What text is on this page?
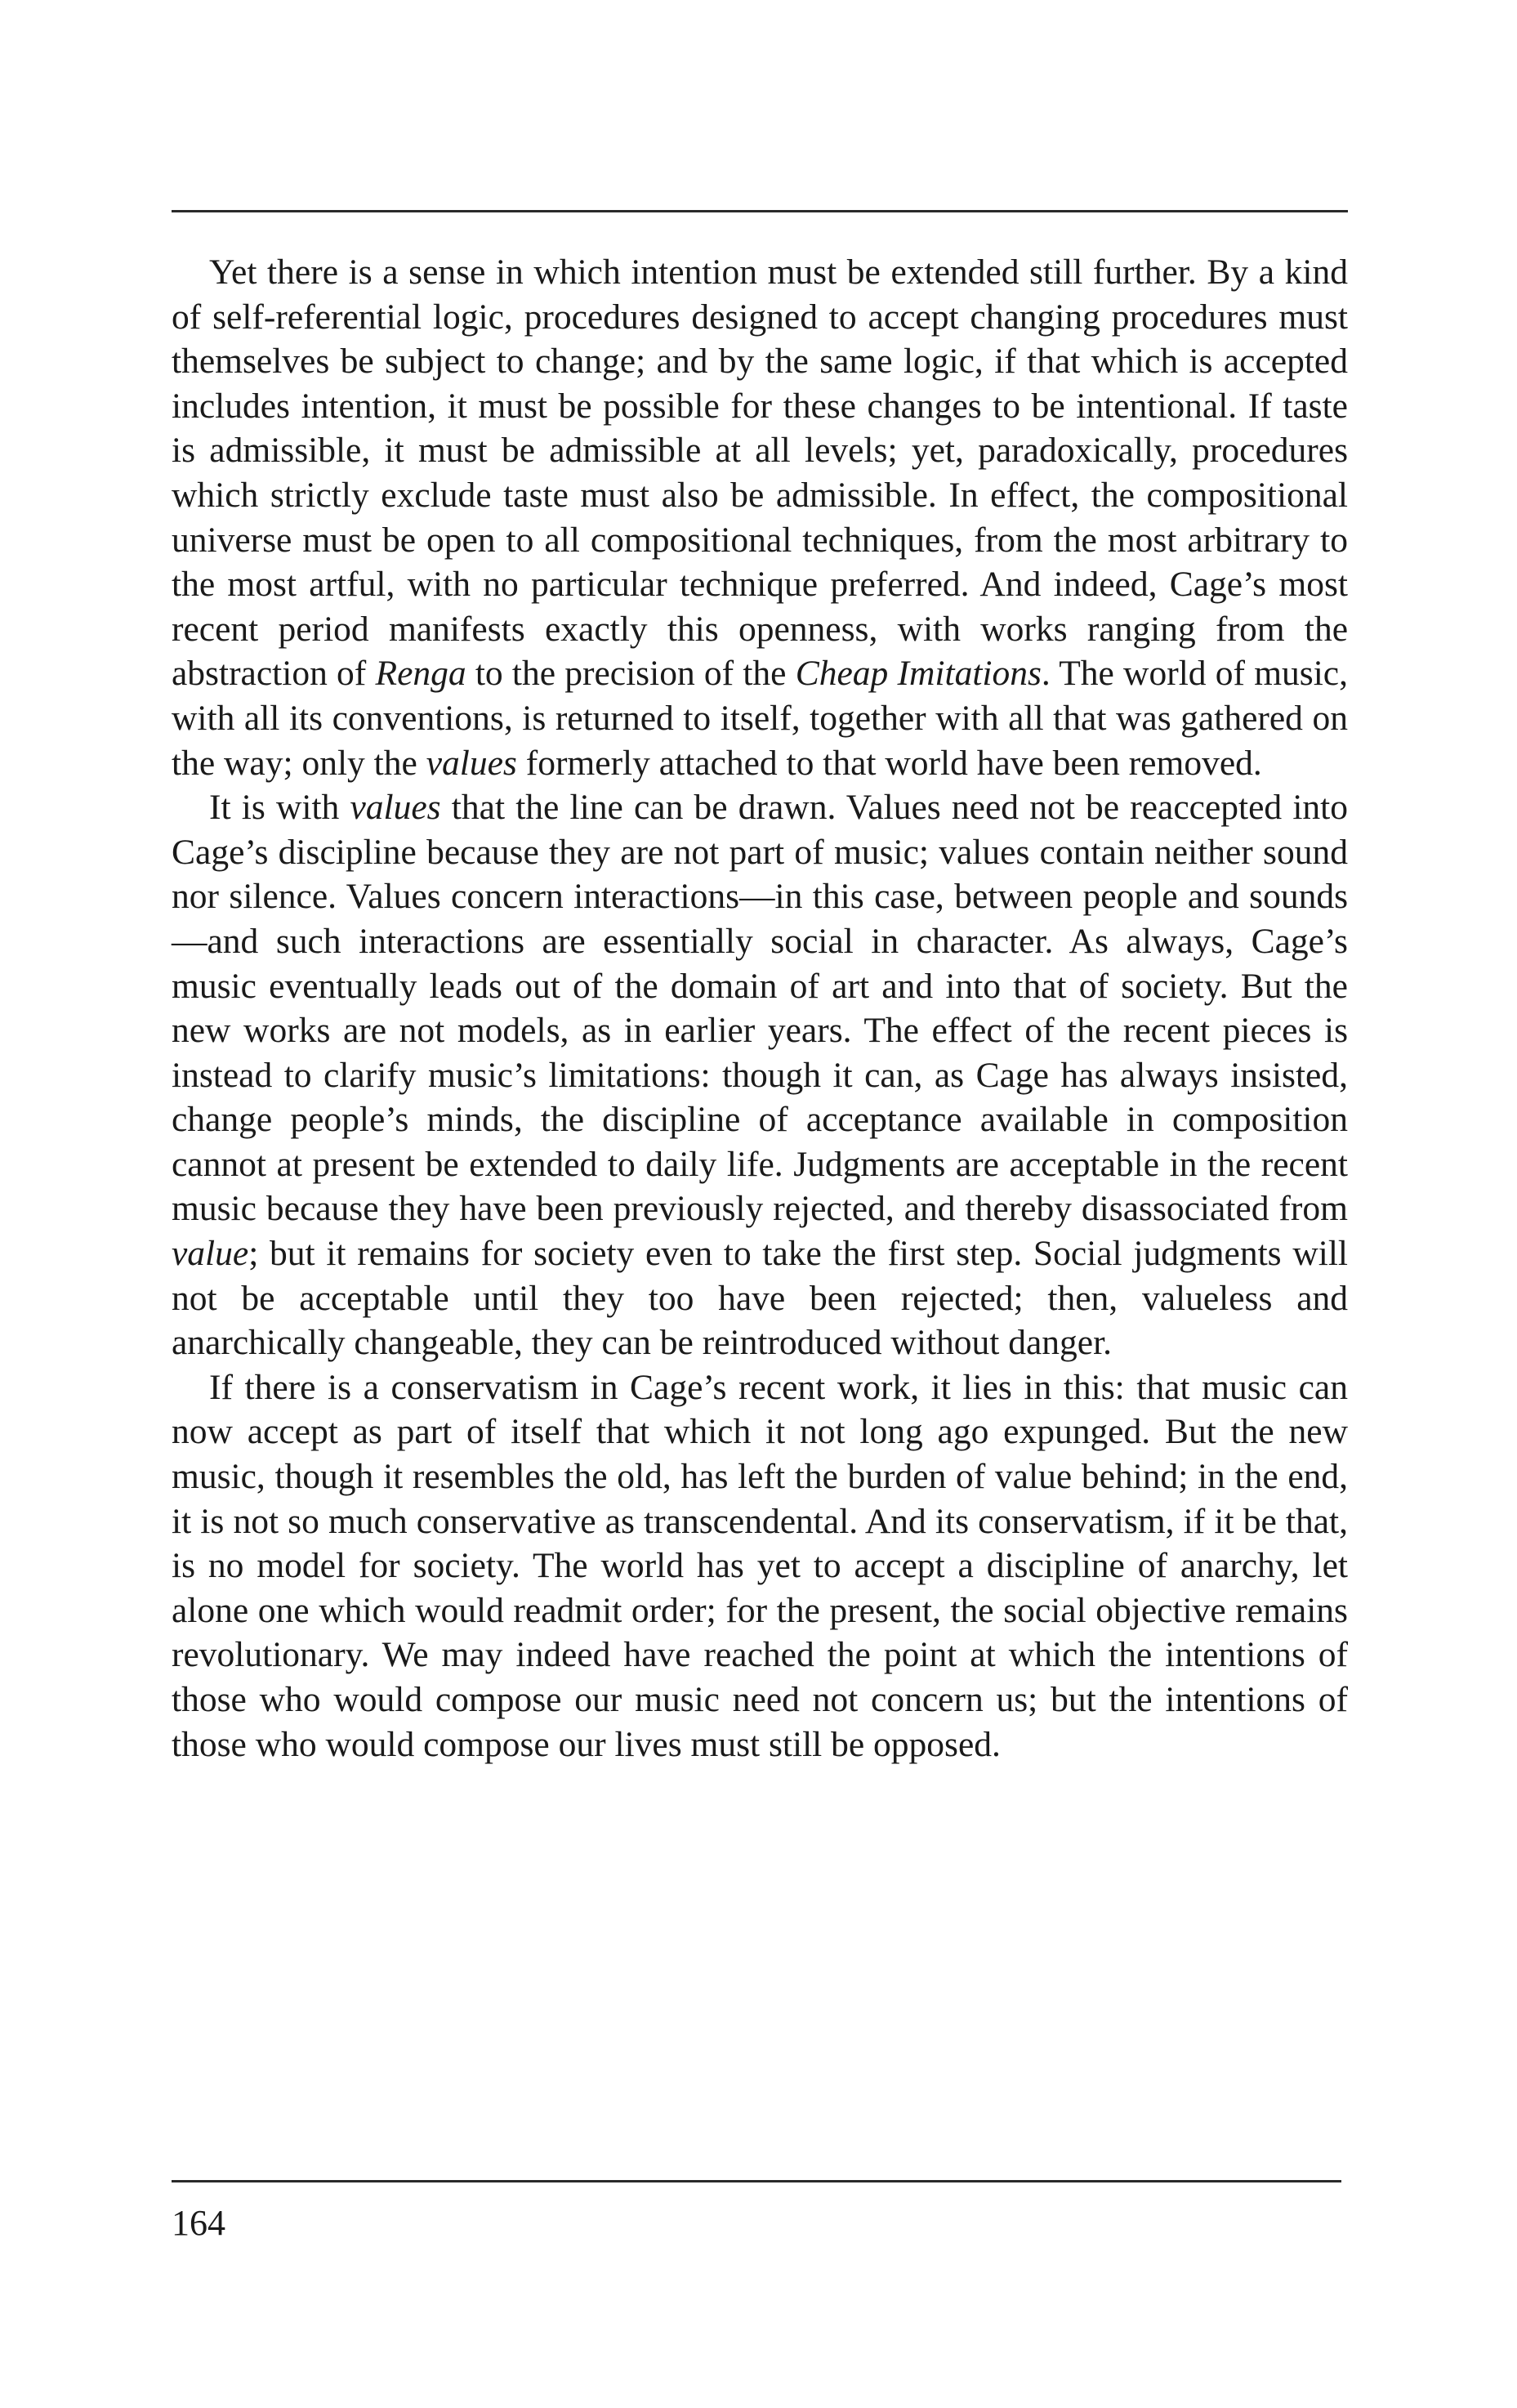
Yet there is a sense in which intention must be extended still further. By a kind of self-referential logic, procedures designed to accept changing procedures must themselves be subject to change; and by the same logic, if that which is accepted includes intention, it must be possible for these changes to be intentional. If taste is admissible, it must be admissible at all levels; yet, paradoxically, procedures which strictly exclude taste must also be admissible. In effect, the compositional universe must be open to all compositional techniques, from the most arbitrary to the most artful, with no particular technique preferred. And indeed, Cage’s most recent period manifests exactly this openness, with works ranging from the abstraction of Renga to the precision of the Cheap Imitations. The world of music, with all its conventions, is returned to itself, together with all that was gathered on the way; only the values formerly attached to that world have been removed.

It is with values that the line can be drawn. Values need not be reaccepted into Cage’s discipline because they are not part of music; values contain neither sound nor silence. Values concern interactions—in this case, between people and sounds—and such interactions are essentially social in character. As always, Cage’s music eventually leads out of the domain of art and into that of society. But the new works are not models, as in earlier years. The effect of the recent pieces is instead to clarify music’s limitations: though it can, as Cage has always insisted, change people’s minds, the discipline of acceptance available in composition cannot at present be extended to daily life. Judgments are acceptable in the recent music because they have been previously rejected, and thereby disassociated from value; but it remains for society even to take the first step. Social judgments will not be acceptable until they too have been rejected; then, valueless and anarchically changeable, they can be reintroduced without danger.

If there is a conservatism in Cage’s recent work, it lies in this: that music can now accept as part of itself that which it not long ago expunged. But the new music, though it resembles the old, has left the burden of value behind; in the end, it is not so much conservative as transcendental. And its conservatism, if it be that, is no model for society. The world has yet to accept a discipline of anarchy, let alone one which would readmit order; for the present, the social objective remains revolutionary. We may indeed have reached the point at which the intentions of those who would compose our music need not concern us; but the intentions of those who would compose our lives must still be opposed.

164
